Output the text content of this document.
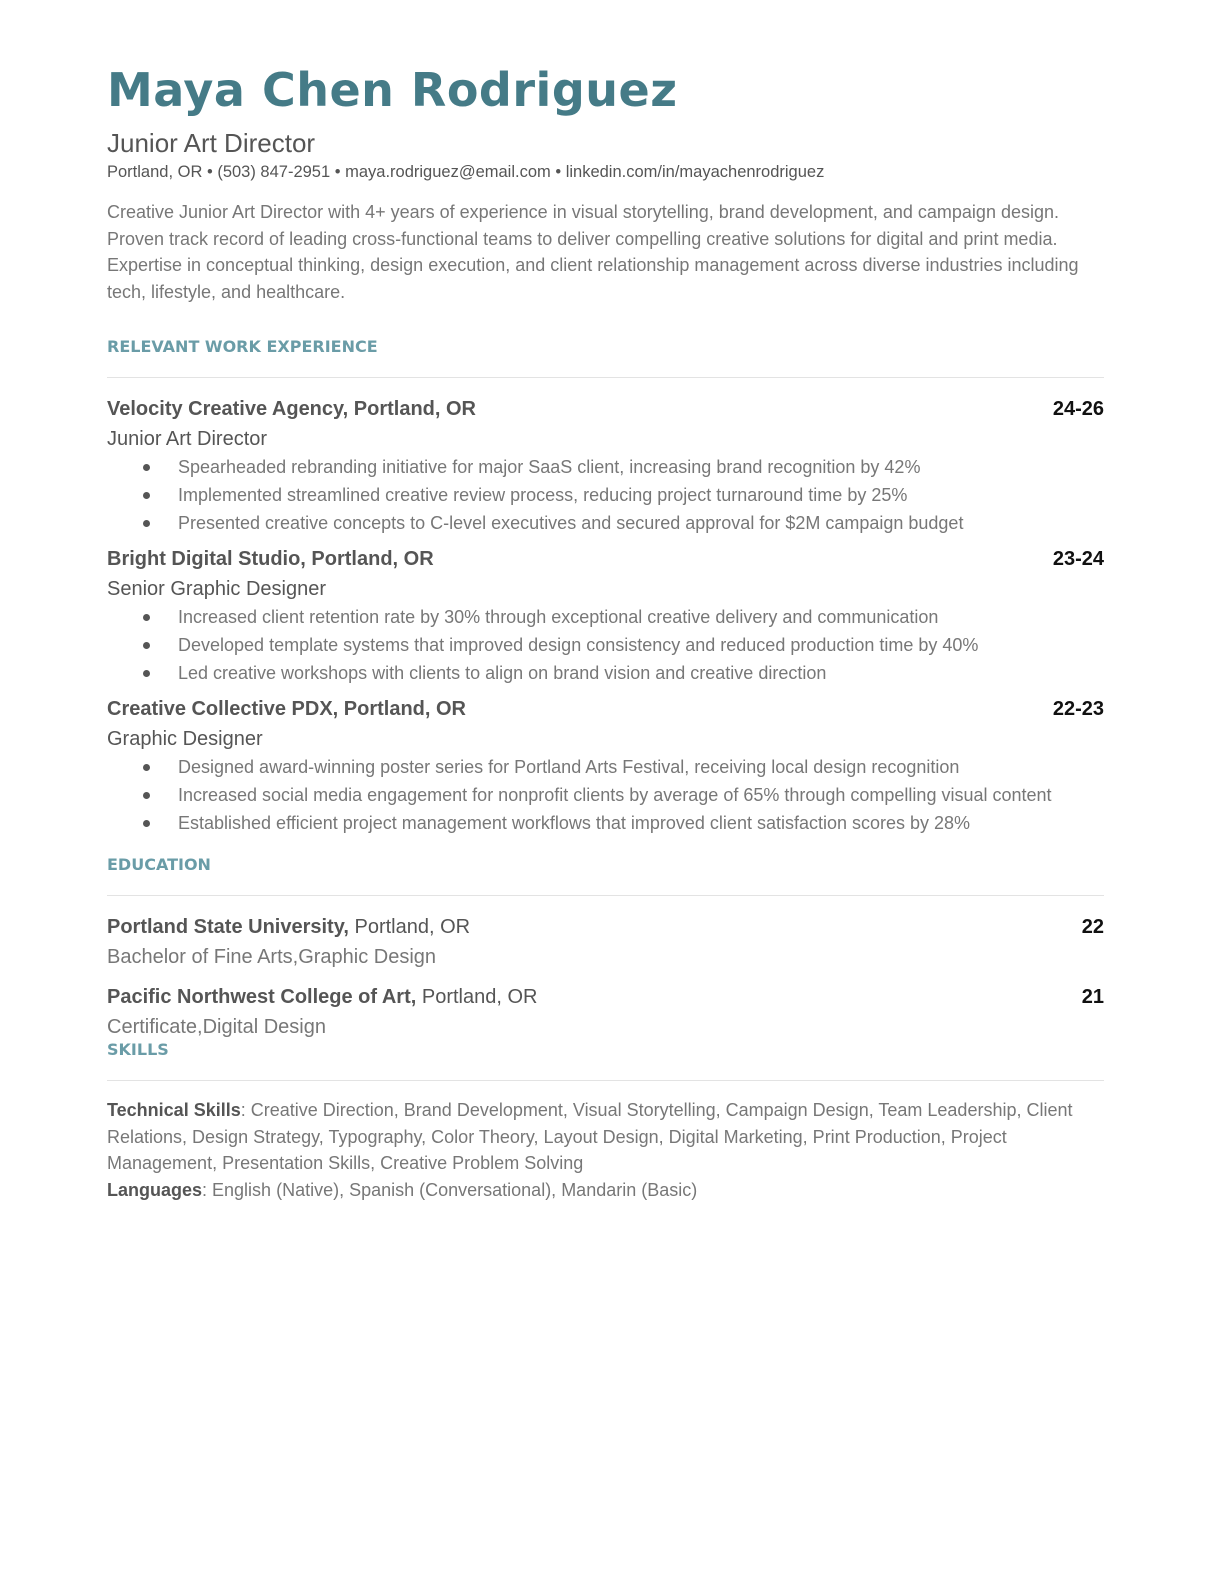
Maya Chen Rodriguez
Junior Art Director
Portland, OR • (503) 847-2951 • maya.rodriguez@email.com • linkedin.com/in/mayachenrodriguez
Creative Junior Art Director with 4+ years of experience in visual storytelling, brand development, and campaign design. Proven track record of leading cross-functional teams to deliver compelling creative solutions for digital and print media. Expertise in conceptual thinking, design execution, and client relationship management across diverse industries including tech, lifestyle, and healthcare.
RELEVANT WORK EXPERIENCE
Velocity Creative Agency, Portland, OR	24-26
Junior Art Director
Spearheaded rebranding initiative for major SaaS client, increasing brand recognition by 42%
Implemented streamlined creative review process, reducing project turnaround time by 25%
Presented creative concepts to C-level executives and secured approval for $2M campaign budget
Bright Digital Studio, Portland, OR	23-24
Senior Graphic Designer
Increased client retention rate by 30% through exceptional creative delivery and communication
Developed template systems that improved design consistency and reduced production time by 40%
Led creative workshops with clients to align on brand vision and creative direction
Creative Collective PDX, Portland, OR	22-23
Graphic Designer
Designed award-winning poster series for Portland Arts Festival, receiving local design recognition
Increased social media engagement for nonprofit clients by average of 65% through compelling visual content
Established efficient project management workflows that improved client satisfaction scores by 28%
EDUCATION
Portland State University, Portland, OR	22
Bachelor of Fine Arts,Graphic Design
Pacific Northwest College of Art, Portland, OR	21
Certificate,Digital Design
SKILLS
Technical Skills: Creative Direction, Brand Development, Visual Storytelling, Campaign Design, Team Leadership, Client Relations, Design Strategy, Typography, Color Theory, Layout Design, Digital Marketing, Print Production, Project Management, Presentation Skills, Creative Problem Solving
Languages: English (Native), Spanish (Conversational), Mandarin (Basic)
